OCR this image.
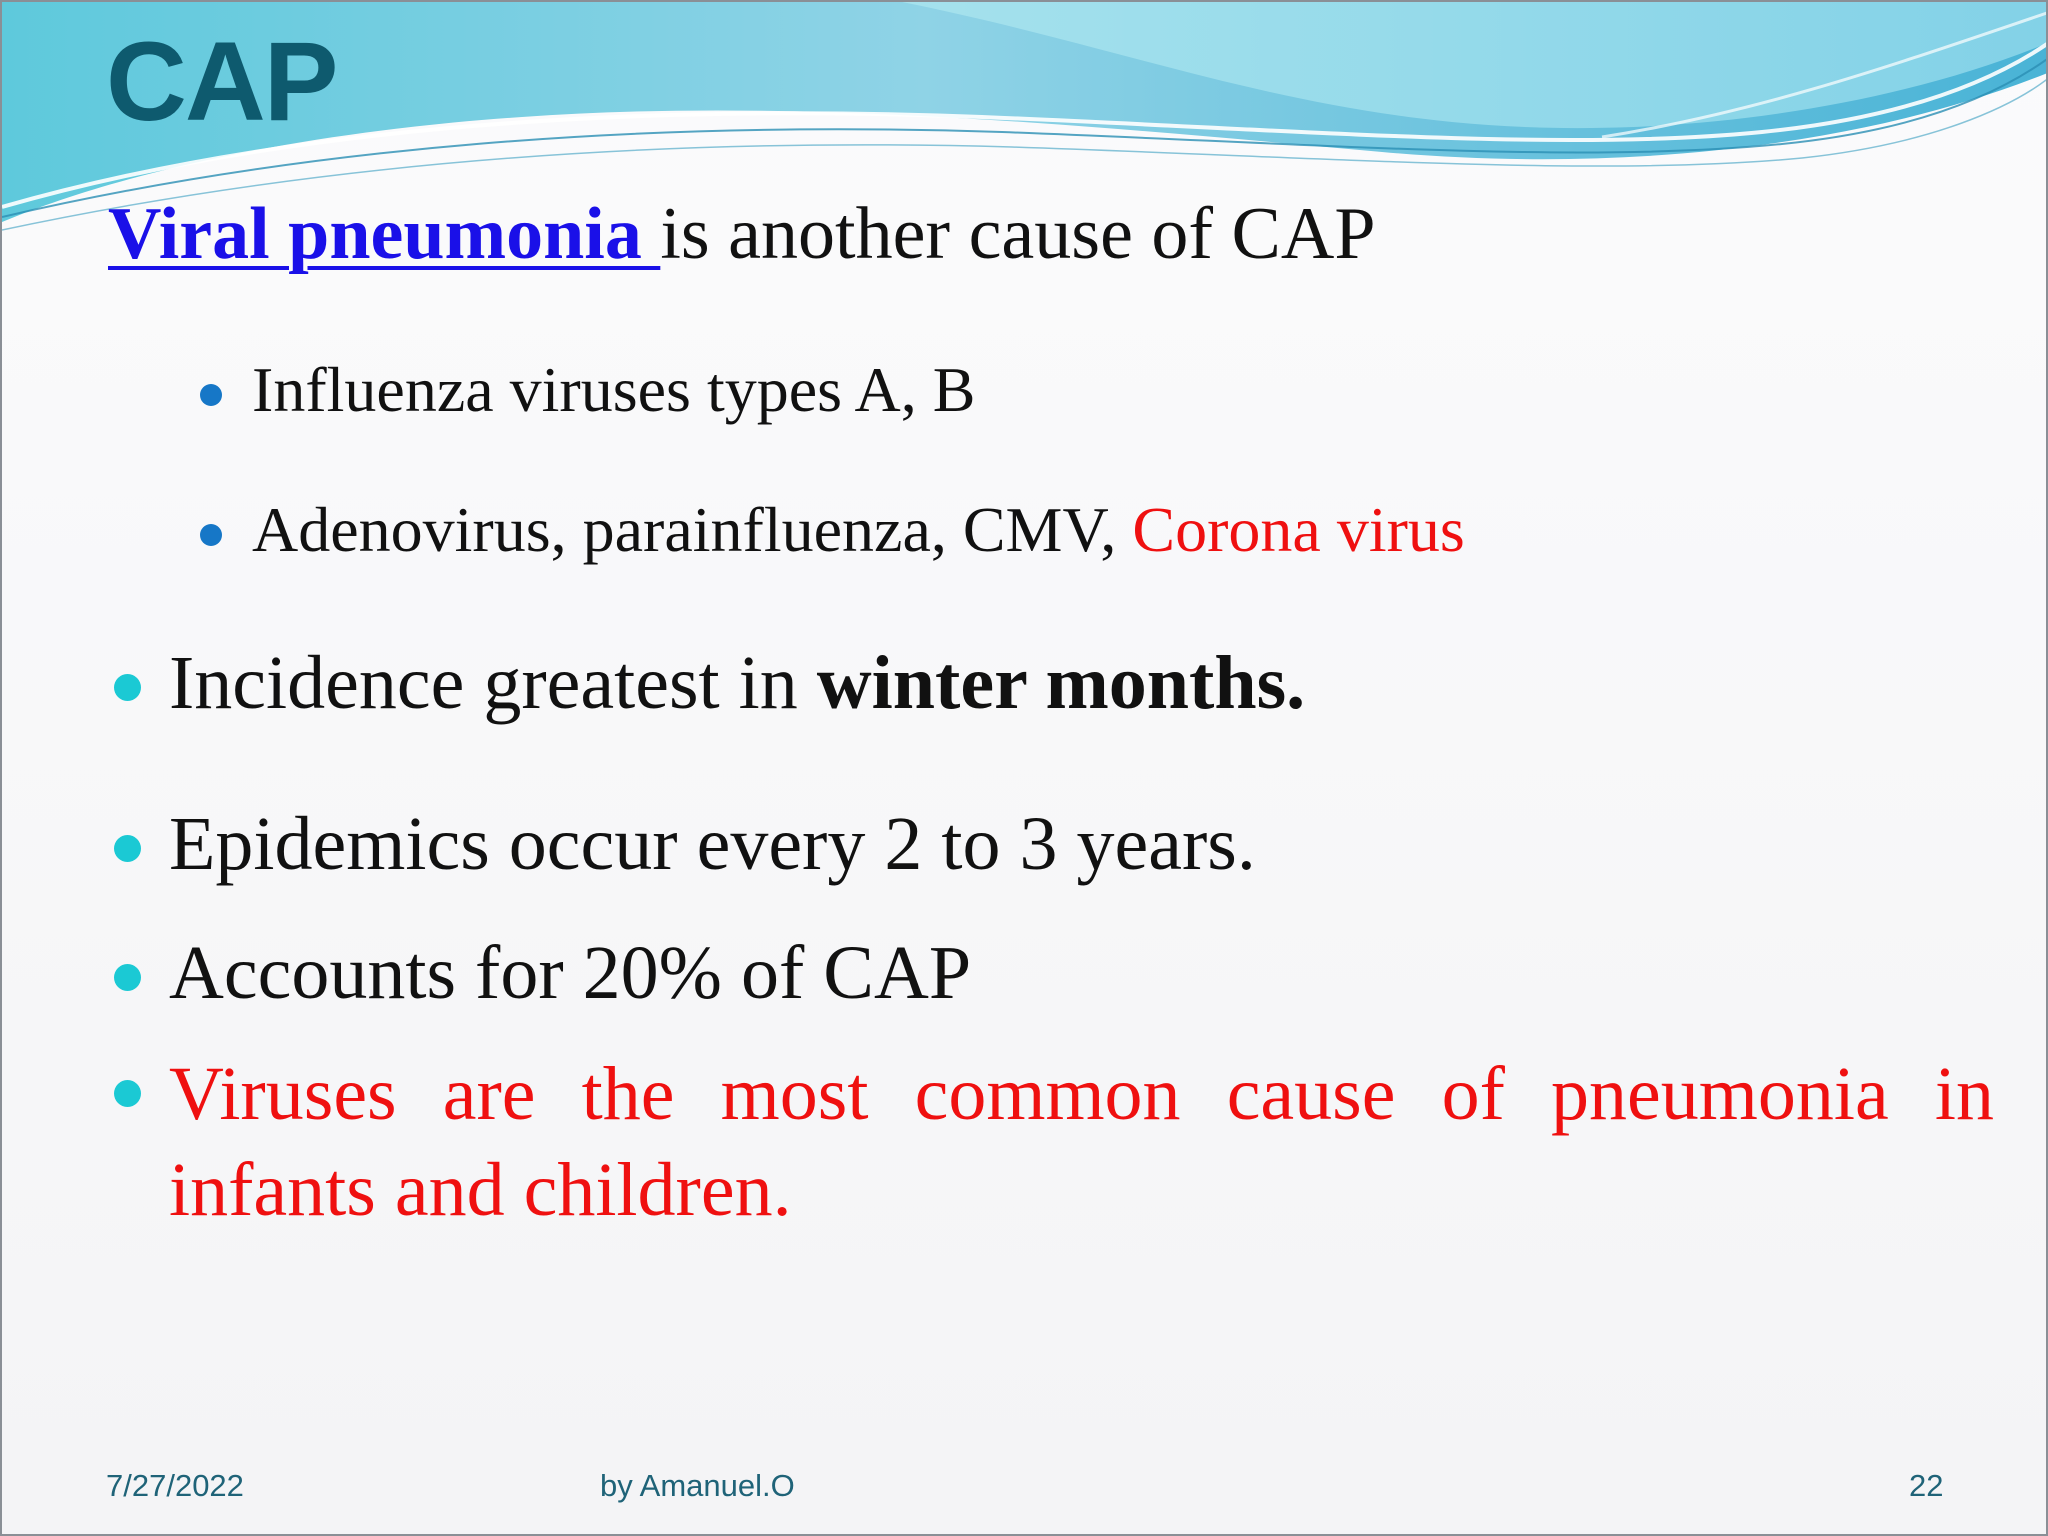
CAP
Viral pneumonia is another cause of CAP
Influenza viruses types A, B
Adenovirus, parainfluenza, CMV, Corona virus
Incidence greatest in winter months.
Epidemics occur every 2 to 3 years.
Accounts for 20% of CAP
Viruses are the most common cause of pneumonia in infants and children.
7/27/2022	by Amanuel.O	22
